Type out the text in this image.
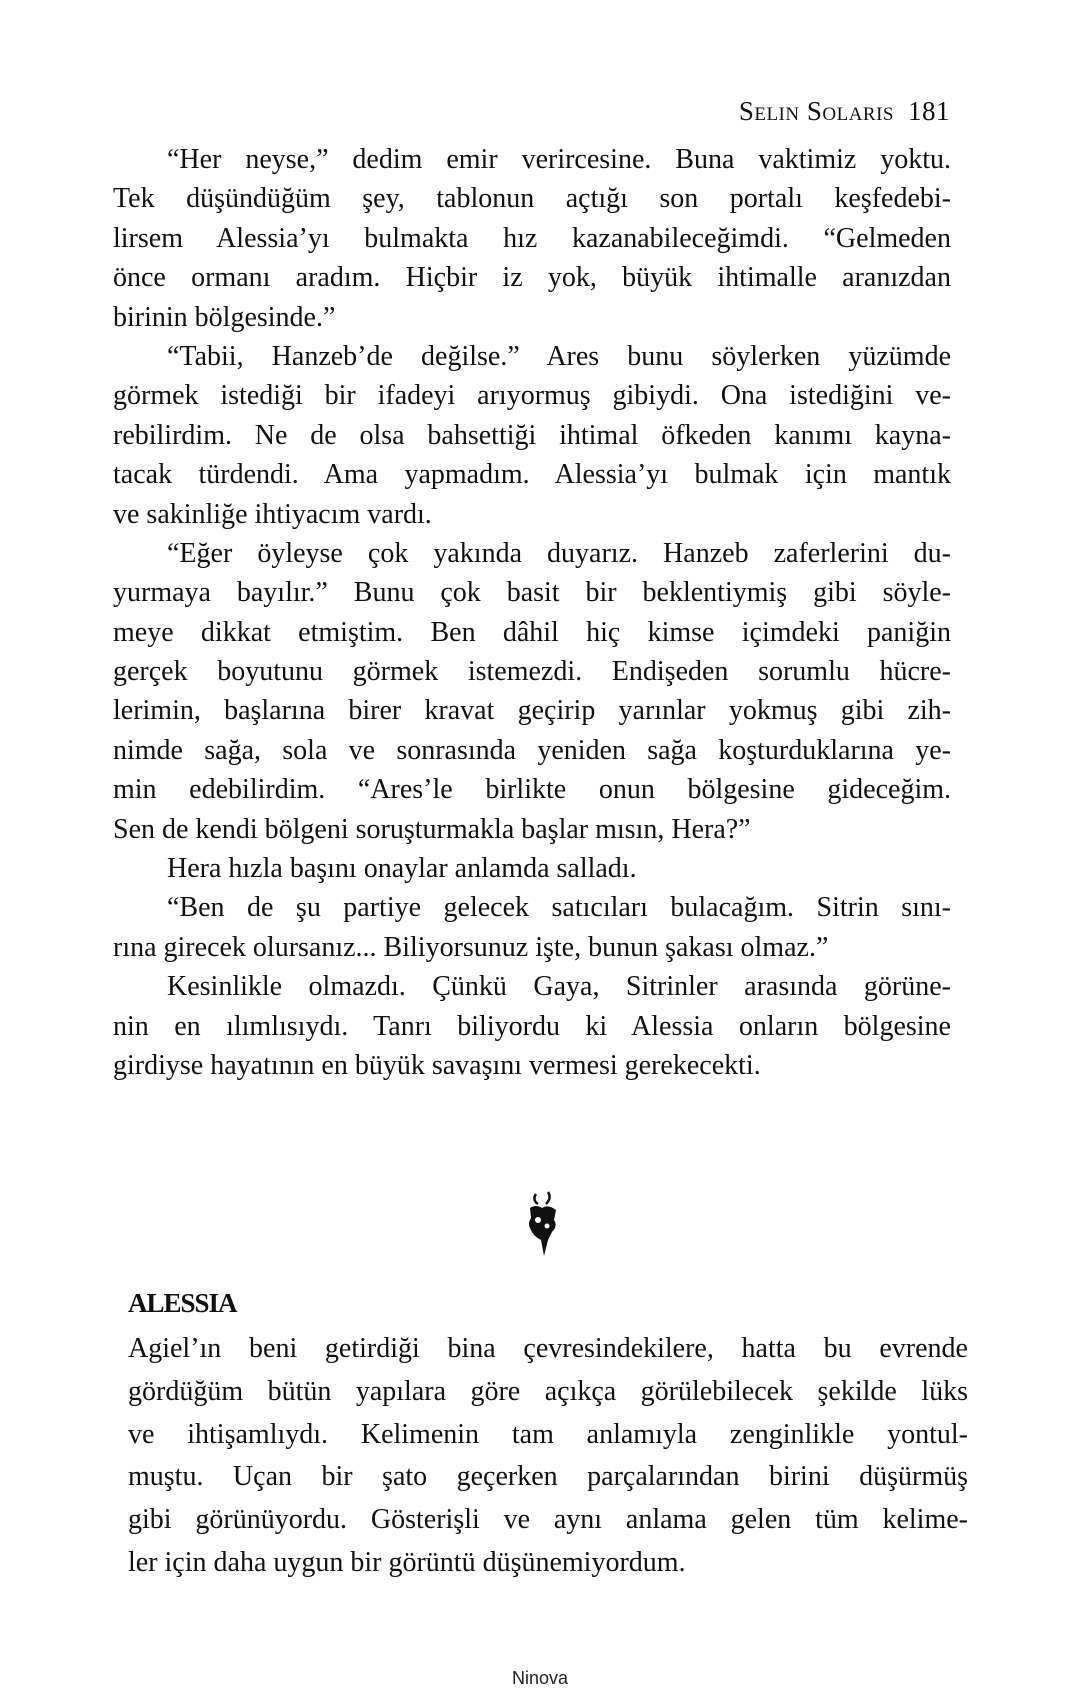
Selin Solaris 181
“Her neyse,” dedim emir verircesine. Buna vaktimiz yoktu.
Tek düşündüğüm şey, tablonun açtığı son portalı keşfedebi-
lirsem Alessia’yı bulmakta hız kazanabileceğimdi. “Gelmeden
önce ormanı aradım. Hiçbir iz yok, büyük ihtimalle aranızdan
birinin bölgesinde.”
“Tabii, Hanzeb’de değilse.” Ares bunu söylerken yüzümde
görmek istediği bir ifadeyi arıyormuş gibiydi. Ona istediğini ve-
rebilirdim. Ne de olsa bahsettiği ihtimal öfkeden kanımı kayna-
tacak türdendi. Ama yapmadım. Alessia’yı bulmak için mantık
ve sakinliğe ihtiyacım vardı.
“Eğer öyleyse çok yakında duyarız. Hanzeb zaferlerini du-
yurmaya bayılır.” Bunu çok basit bir beklentiymiş gibi söyle-
meye dikkat etmiştim. Ben dâhil hiç kimse içimdeki paniğin
gerçek boyutunu görmek istemezdi. Endişeden sorumlu hücre-
lerimin, başlarına birer kravat geçirip yarınlar yokmuş gibi zih-
nimde sağa, sola ve sonrasında yeniden sağa koşturduklarına ye-
min edebilirdim. “Ares’le birlikte onun bölgesine gideceğim.
Sen de kendi bölgeni soruşturmakla başlar mısın, Hera?”
Hera hızla başını onaylar anlamda salladı.
“Ben de şu partiye gelecek satıcıları bulacağım. Sitrin sını-
rına girecek olursanız... Biliyorsunuz işte, bunun şakası olmaz.”
Kesinlikle olmazdı. Çünkü Gaya, Sitrinler arasında görüne-
nin en ılımlısıydı. Tanrı biliyordu ki Alessia onların bölgesine
girdiyse hayatının en büyük savaşını vermesi gerekecekti.
ALESSIA
Agiel’ın beni getirdiği bina çevresindekilere, hatta bu evrende
gördüğüm bütün yapılara göre açıkça görülebilecek şekilde lüks
ve ihtişamlıydı. Kelimenin tam anlamıyla zenginlikle yontul-
muştu. Uçan bir şato geçerken parçalarından birini düşürmüş
gibi görünüyordu. Gösterişli ve aynı anlama gelen tüm kelime-
ler için daha uygun bir görüntü düşünemiyordum.
Ninova
